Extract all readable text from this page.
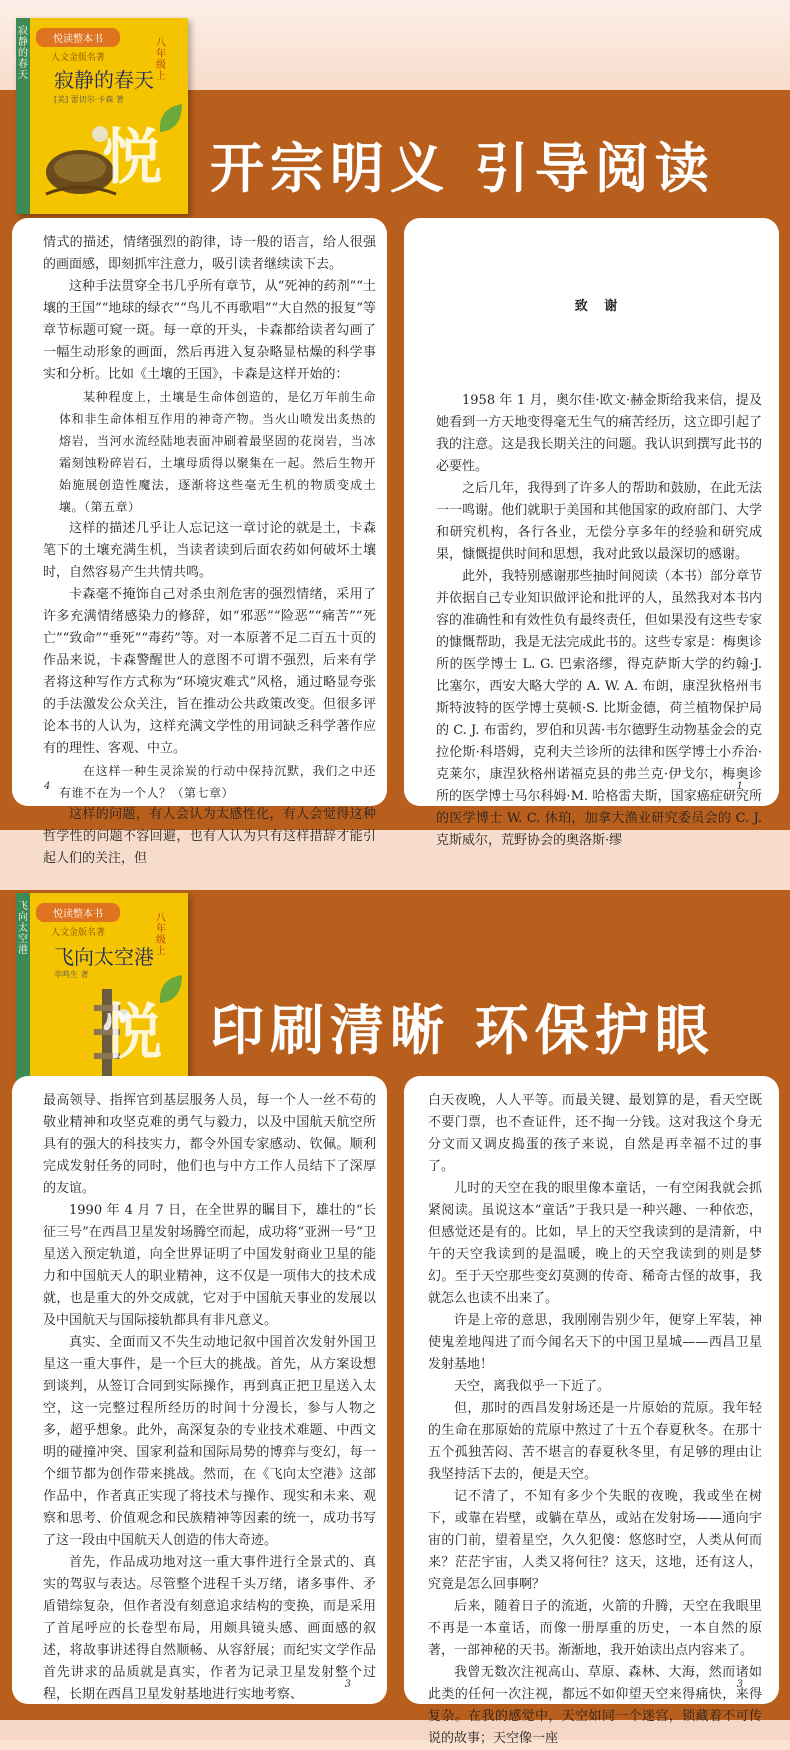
寂静的春天
悦读整本书
人文金版名著
八年级上
寂静的春天
[美] 蕾切尔·卡森 著
悦 开宗明义 引导阅读

情式的描述，情绪强烈的韵律，诗一般的语言，给人很强的画面感，即刻抓牢注意力，吸引读者继续读下去。

这种手法贯穿全书几乎所有章节，从“死神的药剂”“土壤的王国”“地球的绿衣”“鸟儿不再歌唱”“大自然的报复”等章节标题可窥一斑。每一章的开头，卡森都给读者勾画了一幅生动形象的画面，然后再进入复杂略显枯燥的科学事实和分析。比如《土壤的王国》，卡森是这样开始的：

某种程度上，土壤是生命体创造的，是亿万年前生命体和非生命体相互作用的神奇产物。当火山喷发出炙热的熔岩，当河水流经陆地表面冲刷着最坚固的花岗岩，当冰霜刻蚀粉碎岩石，土壤母质得以聚集在一起。然后生物开始施展创造性魔法，逐渐将这些毫无生机的物质变成土壤。（第五章）

这样的描述几乎让人忘记这一章讨论的就是土，卡森笔下的土壤充满生机，当读者读到后面农药如何破坏土壤时，自然容易产生共情共鸣。

卡森毫不掩饰自己对杀虫剂危害的强烈情绪，采用了许多充满情绪感染力的修辞，如“邪恶”“险恶”“痛苦”“死亡”“致命”“垂死”“毒药”等。对一本原著不足二百五十页的作品来说，卡森警醒世人的意图不可谓不强烈，后来有学者将这种写作方式称为“环境灾难式”风格，通过略显夸张的手法激发公众关注，旨在推动公共政策改变。但很多评论本书的人认为，这样充满文学性的用词缺乏科学著作应有的理性、客观、中立。

在这样一种生灵涂炭的行动中保持沉默，我们之中还有谁不在为一个人？（第七章）

这样的问题，有人会认为太感性化，有人会觉得这种哲学性的问题不容回避，也有人认为只有这样措辞才能引起人们的关注，但

4

致 谢

1958 年 1 月，奥尔佳·欧文·赫金斯给我来信，提及她看到一方天地变得毫无生气的痛苦经历，这立即引起了我的注意。这是我长期关注的问题。我认识到撰写此书的必要性。

之后几年，我得到了许多人的帮助和鼓励，在此无法一一鸣谢。他们就职于美国和其他国家的政府部门、大学和研究机构，各行各业，无偿分享多年的经验和研究成果，慷慨提供时间和思想，我对此致以最深切的感谢。

此外，我特别感谢那些抽时间阅读（本书）部分章节并依据自己专业知识做评论和批评的人，虽然我对本书内容的准确性和有效性负有最终责任，但如果没有这些专家的慷慨帮助，我是无法完成此书的。这些专家是：梅奥诊所的医学博士 L. G. 巴索洛缪，得克萨斯大学的约翰·J. 比塞尔，西安大略大学的 A. W. A. 布朗，康涅狄格州韦斯特波特的医学博士莫顿·S. 比斯金德，荷兰植物保护局的 C. J. 布雷约，罗伯和贝茜·韦尔德野生动物基金会的克拉伦斯·科塔姆，克利夫兰诊所的法律和医学博士小乔治·克莱尔，康涅狄格州诺福克县的弗兰克·伊戈尔，梅奥诊所的医学博士马尔科姆·M. 哈格雷夫斯，国家癌症研究所的医学博士 W. C. 休珀，加拿大渔业研究委员会的 C. J. 克斯威尔，荒野协会的奥洛斯·缪

1
飞向太空港
悦读整本书
人文金版名著
八年级上
飞向太空港
李鸣生 著
悦 印刷清晰 环保护眼

最高领导、指挥官到基层服务人员，每一个人一丝不苟的敬业精神和攻坚克难的勇气与毅力，以及中国航天航空所具有的强大的科技实力，都令外国专家感动、钦佩。顺利完成发射任务的同时，他们也与中方工作人员结下了深厚的友谊。

1990 年 4 月 7 日，在全世界的瞩目下，雄壮的“长征三号”在西昌卫星发射场腾空而起，成功将“亚洲一号”卫星送入预定轨道，向全世界证明了中国发射商业卫星的能力和中国航天人的职业精神，这不仅是一项伟大的技术成就，也是重大的外交成就，它对于中国航天事业的发展以及中国航天与国际接轨都具有非凡意义。

真实、全面而又不失生动地记叙中国首次发射外国卫星这一重大事件，是一个巨大的挑战。首先，从方案设想到谈判，从签订合同到实际操作，再到真正把卫星送入太空，这一完整过程所经历的时间十分漫长，参与人物之多，超乎想象。此外，高深复杂的专业技术难题、中西文明的碰撞冲突、国家利益和国际局势的博弈与变幻，每一个细节都为创作带来挑战。然而，在《飞向太空港》这部作品中，作者真正实现了将技术与操作、现实和未来、观察和思考、价值观念和民族精神等因素的统一，成功书写了这一段由中国航天人创造的伟大奇迹。

首先，作品成功地对这一重大事件进行全景式的、真实的驾驭与表达。尽管整个进程千头万绪，诸多事件、矛盾错综复杂，但作者没有刻意追求结构的变换，而是采用了首尾呼应的长卷型布局，用颇具镜头感、画面感的叙述，将故事讲述得自然顺畅、从容舒展；而纪实文学作品首先讲求的品质就是真实，作者为记录卫星发射整个过程，长期在西昌卫星发射基地进行实地考察、

3

白天夜晚，人人平等。而最关键、最划算的是，看天空既不要门票，也不查证件，还不掏一分钱。这对我这个身无分文而又调皮捣蛋的孩子来说，自然是再幸福不过的事了。

儿时的天空在我的眼里像本童话，一有空闲我就会抓紧阅读。虽说这本“童话”于我只是一种兴趣、一种依恋，但感觉还是有的。比如，早上的天空我读到的是清新，中午的天空我读到的是温暖，晚上的天空我读到的则是梦幻。至于天空那些变幻莫测的传奇、稀奇古怪的故事，我就怎么也读不出来了。

许是上帝的意思，我刚刚告别少年，便穿上军装，神使鬼差地闯进了而今闻名天下的中国卫星城——西昌卫星发射基地！

天空，离我似乎一下近了。

但，那时的西昌发射场还是一片原始的荒原。我年轻的生命在那原始的荒原中熬过了十五个春夏秋冬。在那十五个孤独苦闷、苦不堪言的春夏秋冬里，有足够的理由让我坚持活下去的，便是天空。

记不清了，不知有多少个失眠的夜晚，我或坐在树下，或靠在岩壁，或躺在草丛，或站在发射场——通向宇宙的门前，望着星空，久久犯傻：悠悠时空，人类从何而来？茫茫宇宙，人类又将何往？这天，这地，还有这人，究竟是怎么回事啊？

后来，随着日子的流逝，火箭的升腾，天空在我眼里不再是一本童话，而像一册厚重的历史，一本自然的原著，一部神秘的天书。渐渐地，我开始读出点内容来了。

我曾无数次注视高山、草原、森林、大海，然而诸如此类的任何一次注视，都远不如仰望天空来得痛快，来得复杂。在我的感觉中，天空如同一个迷宫，锁藏着不可传说的故事；天空像一座

3
